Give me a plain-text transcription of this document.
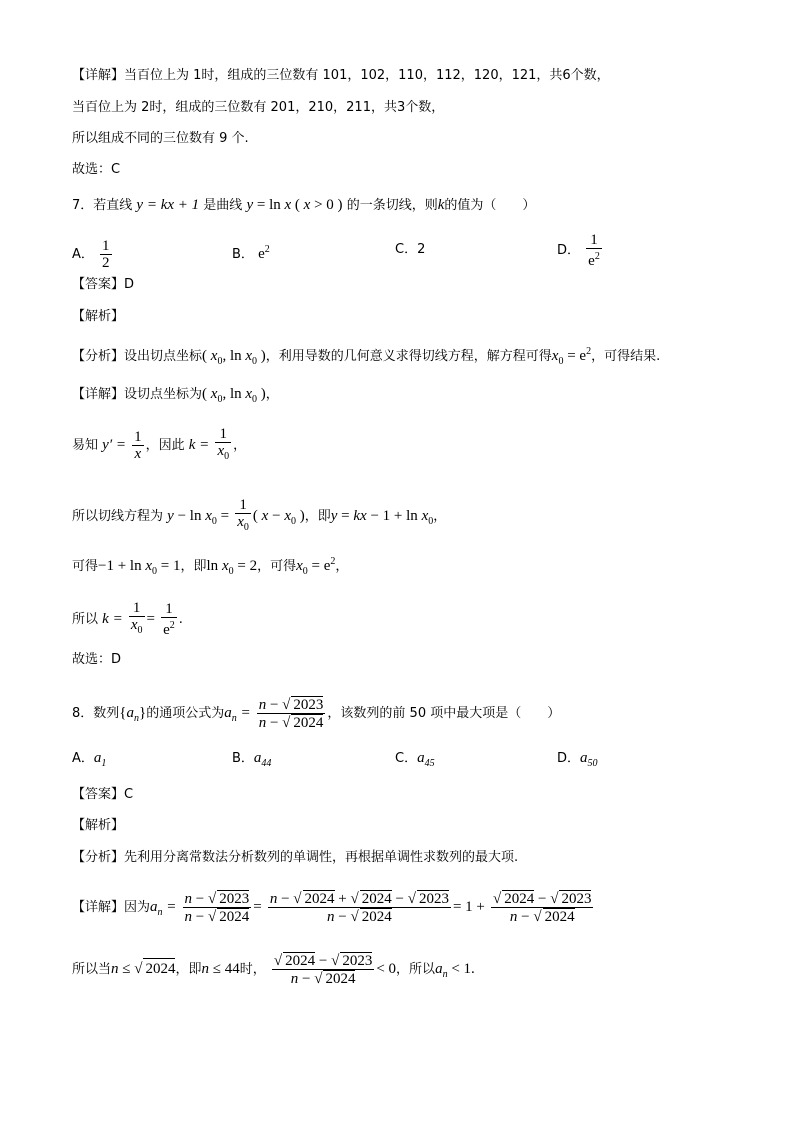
【详解】当百位上为 1时，组成的三位数有 101，102，110，112，120，121，共6个数，
当百位上为 2时，组成的三位数有 201，210，211，共3个数，
所以组成不同的三位数有 9 个.
故选：C
7．若直线 y = kx + 1 是曲线 y = ln x ( x > 0 ) 的一条切线，则k的值为（　　）
A． $\frac{1}{2}$	B． $e^2$	C．2	D． $\frac{1}{e^2}$
【答案】D
【解析】
【分析】设出切点坐标( $x_0$, $\ln x_0$ )，利用导数的几何意义求得切线方程，解方程可得$x_0 = e^2$，可得结果.
【详解】设切点坐标为( $x_0$, $\ln x_0$ )，
易知 $y' = \frac{1}{x}$ ，因此 $k = \frac{1}{x_0}$ ，
所以切线方程为 $y - \ln x_0 = \frac{1}{x_0}$ ( $x - x_0$ )，即y = kx − $1 + \ln x_0$，
可得$-1 + \ln x_0 = 1$，即$\ln x_0 = 2$，可得$x_0 = e^2$，
所以 $k = \frac{1}{x_0} = \frac{1}{e^2}$ .
故选：D
8．数列$\{a_n\}$的通项公式为$a_n = \frac{n - √ 2023}{n - √ 2024}$ ，该数列的前 50 项中最大项是（　　）
A．$a_1$	B．$a_{44}$	C．$a_{45}$	D．$a_{50}$
【答案】C
【解析】
【分析】先利用分离常数法分析数列的单调性，再根据单调性求数列的最大项.
【详解】因为$a_n = \frac{n - √ 2023}{n - √ 2024} = \frac{n - √ 2024 + √ 2024 - √ 2023}{n - √ 2024} = 1 + \frac{√ 2024 - √ 2023}{n - √ 2024}$
所以当n ≤ √ 2024，即n ≤ 44时， $\frac{√ 2024 - √ 2023}{n - √ 2024} < 0$，所以$a_n < 1$.
